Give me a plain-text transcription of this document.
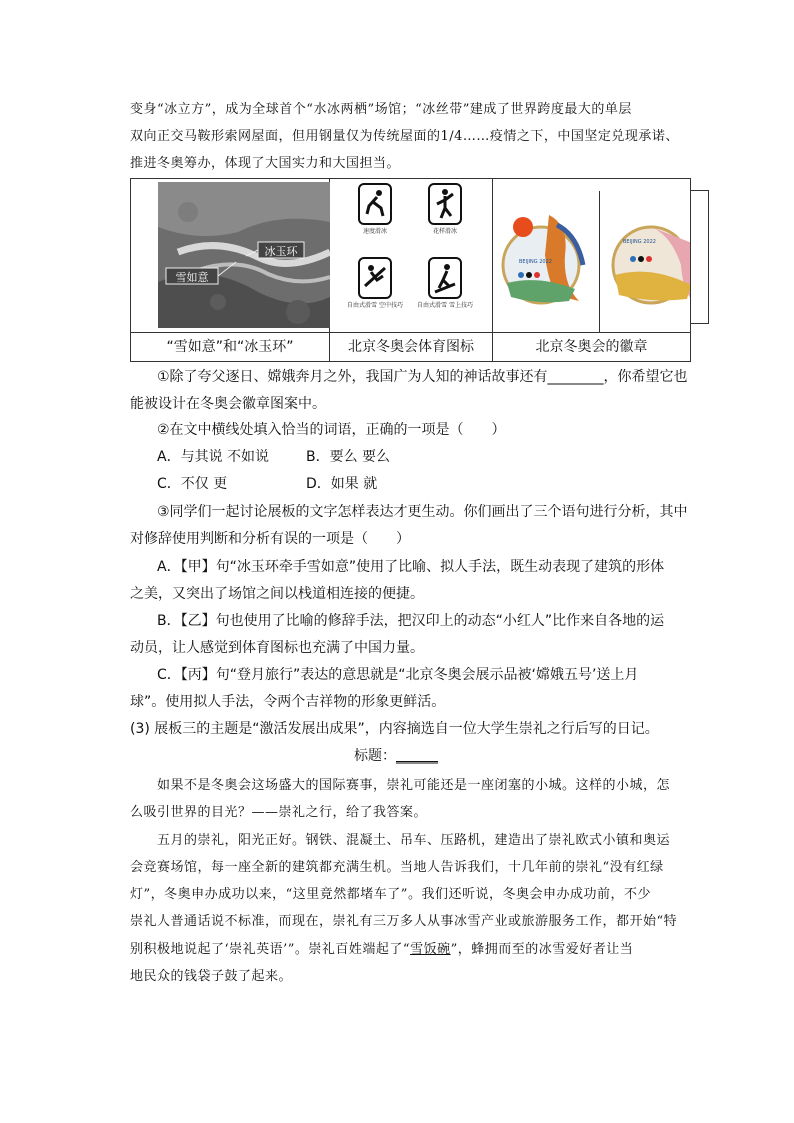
变身“冰立方”，成为全球首个“水冰两栖”场馆；“冰丝带”建成了世界跨度最大的单层
双向正交马鞍形索网屋面，但用钢量仅为传统屋面的1/4……疫情之下，中国坚定兑现承诺、
推进冬奥筹办，体现了大国实力和大国担当。
雪如意
冰玉环
速度滑冰	花样滑冰
自由式滑雪 空中技巧	自由式滑雪 雪上技巧
BEIJING 2022
BEIJING 2022
“雪如意”和“冰玉环”	北京冬奥会体育图标	北京冬奥会的徽章
①除了夸父逐日、嫦娥奔月之外，我国广为人知的神话故事还有________，你希望它也
能被设计在冬奥会徽章图案中。
②在文中横线处填入恰当的词语，正确的一项是（　　）
A．与其说 不如说	B．要么 要么
C．不仅 更	D．如果 就
③同学们一起讨论展板的文字怎样表达才更生动。你们画出了三个语句进行分析，其中
对修辞使用判断和分析有误的一项是（　　）
A．【甲】句“冰玉环牵手雪如意”使用了比喻、拟人手法，既生动表现了建筑的形体
之美，又突出了场馆之间以栈道相连接的便捷。
B．【乙】句也使用了比喻的修辞手法，把汉印上的动态“小红人”比作来自各地的运
动员，让人感觉到体育图标也充满了中国力量。
C．【丙】句“登月旅行”表达的意思就是“北京冬奥会展示品被‘嫦娥五号’送上月
球”。使用拟人手法，令两个吉祥物的形象更鲜活。
(3) 展板三的主题是“激活发展出成果”，内容摘选自一位大学生崇礼之行后写的日记。
标题：______
如果不是冬奥会这场盛大的国际赛事，崇礼可能还是一座闭塞的小城。这样的小城，怎
么吸引世界的目光？——崇礼之行，给了我答案。
五月的崇礼，阳光正好。钢铁、混凝土、吊车、压路机，建造出了崇礼欧式小镇和奥运
会竞赛场馆，每一座全新的建筑都充满生机。当地人告诉我们，十几年前的崇礼“没有红绿
灯”，冬奥申办成功以来，“这里竟然都堵车了”。我们还听说，冬奥会申办成功前，不少
崇礼人普通话说不标准，而现在，崇礼有三万多人从事冰雪产业或旅游服务工作，都开始“特
别积极地说起了‘崇礼英语’”。崇礼百姓端起了“雪饭碗”，蜂拥而至的冰雪爱好者让当
地民众的钱袋子鼓了起来。
